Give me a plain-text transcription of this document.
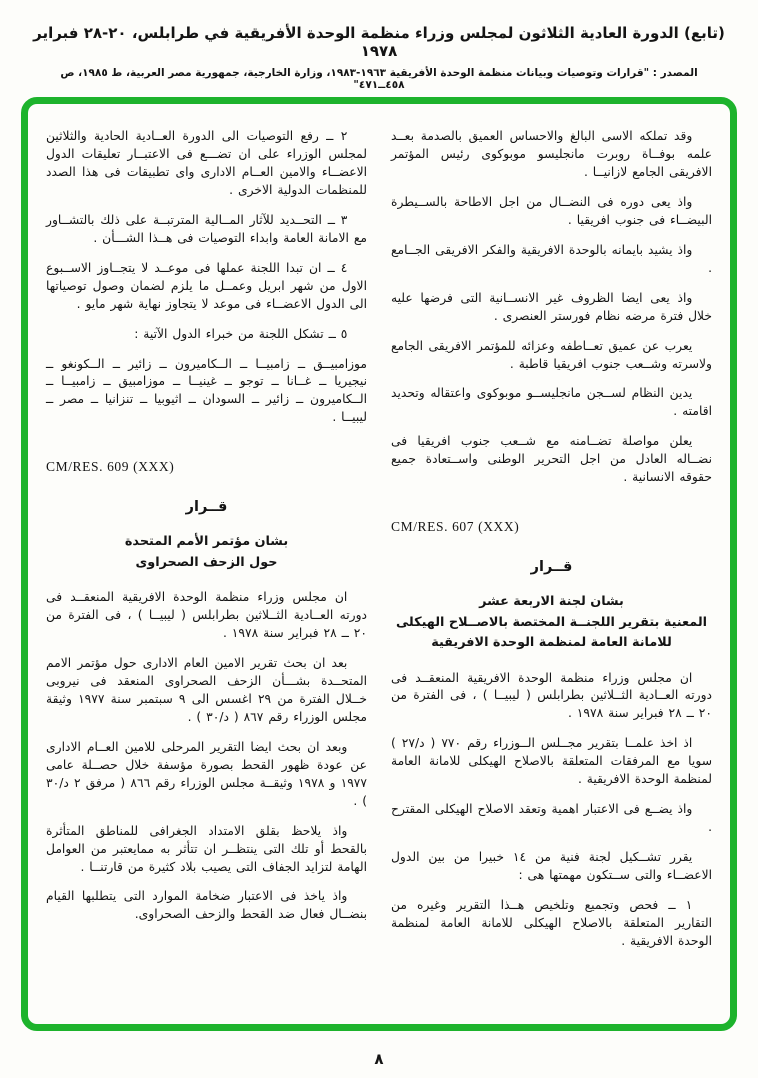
(تابع) الدورة العادية الثلاثون لمجلس وزراء منظمة الوحدة الأفريقية في طرابلس، ٢٠-٢٨ فبراير ١٩٧٨
المصدر : "قرارات وتوصيات وبيانات منظمة الوحدة الأفريقية ١٩٦٣-١٩٨٣، وزارة الخارجية، جمهورية مصر العربية، ط ١٩٨٥، ص ٤٥٨ــ٤٧١"

وقد تملكه الاسى البالغ والاحساس العميق بالصدمة بعــد علمه بوفــاة روبرت مانجليسو موبوكوى رئيس المؤتمر الافريقى الجامع لازانيــا .

واذ يعى دوره فى النضــال من اجل الاطاحة بالســيطرة البيضــاء فى جنوب افريقيا .

واذ يشيد بايمانه بالوحدة الافريقية والفكر الافريقى الجــامع .

واذ يعى ايضا الظروف غير الانســانية التى فرضها عليه خلال فترة مرضه نظام فورستر العنصرى .

يعرب عن عميق تعــاطفه وعزائه للمؤتمر الافريقى الجامع ولاسرته وشــعب جنوب افريقيا قاطبة .

يدين النظام لســجن مانجليســو موبوكوى واعتقاله وتحديد اقامته .

يعلن مواصلة تضــامنه مع شــعب جنوب افريقيا فى نضــاله العادل من اجل التحرير الوطنى واســتعادة جميع حقوقه الانسانية .

CM/RES. 607 (XXX)
قــرار
بشان لجنة الاربعة عشر
المعنية بتقرير اللجنــة المختصة بالاصــلاح الهيكلى
للامانة العامة لمنظمة الوحدة الافريقية

ان مجلس وزراء منظمة الوحدة الافريقية المنعقــد فى دورته العــادية الثــلاثين بطرابلس ( ليبيــا ) ، فى الفترة من ٢٠ ــ ٢٨ فبراير سنة ١٩٧٨ .

اذ اخذ علمــا بتقرير مجــلس الــوزراء رقم ٧٧٠ ( د/٢٧ ) سويا مع المرفقات المتعلقة بالاصلاح الهيكلى للامانة العامة لمنظمة الوحدة الافريقية .

واذ يضــع فى الاعتبار اهمية وتعقد الاصلاح الهيكلى المقترح .

يقرر تشــكيل لجنة فنية من ١٤ خبيرا من بين الدول الاعضــاء والتى ســتكون مهمتها هى :

١ ــ فحص وتجميع وتلخيص هــذا التقرير وغيره من التقارير المتعلقة بالاصلاح الهيكلى للامانة العامة لمنظمة الوحدة الافريقية .

٢ ــ رفع التوصيات الى الدورة العــادية الحادية والثلاثين لمجلس الوزراء على ان تضـــع فى الاعتبــار تعليقات الدول الاعضــاء والامين العــام الادارى واى تطبيقات فى هذا الصدد للمنظمات الدولية الاخرى .

٣ ــ التحــديد للآثار المــالية المترتبــة على ذلك بالتشــاور مع الامانة العامة وابداء التوصيات فى هــذا الشـــأن .

٤ ــ ان تبدا اللجنة عملها فى موعــد لا يتجــاوز الاســبوع الاول من شهر ابريل وعمــل ما يلزم لضمان وصول توصياتها الى الدول الاعضــاء فى موعد لا يتجاوز نهاية شهر مايو .

٥ ــ تشكل اللجنة من خبراء الدول الآتية :

موزامبيــق ــ زامبيــا ــ الــكاميرون ــ زائير ــ الــكونغو ــ نيجيريا ــ غــانا ــ توجو ــ غينيــا ــ موزامبيق ــ زامبيــا ــ الــكاميرون ــ زائير ــ السودان ــ اثيوبيا ــ تنزانيا ــ مصر ــ ليبيــا .

CM/RES. 609 (XXX)
قــرار
بشان مؤتمر الأمم المتحدة
حول الزحف الصحراوى

ان مجلس وزراء منظمة الوحدة الافريقية المنعقــد فى دورته العــادية الثــلاثين بطرابلس ( ليبيــا ) ، فى الفترة من ٢٠ ــ ٢٨ فبراير سنة ١٩٧٨ .

بعد ان بحث تقرير الامين العام الادارى حول مؤتمر الامم المتحــدة بشـــأن الزحف الصحراوى المنعقد فى نيروبى خــلال الفترة من ٢٩ اغسس الى ٩ سبتمبر سنة ١٩٧٧ وثيقة مجلس الوزراء رقم ٨٦٧ ( د/٣٠ ) .

وبعد ان بحث ايضا التقرير المرحلى للامين العــام الادارى عن عودة ظهور القحط بصورة مؤسفة خلال حصــلة عامى ١٩٧٧ و ١٩٧٨ وثيقــة مجلس الوزراء رقم ٨٦٦ ( مرفق ٢ د/٣٠ ) .

واذ يلاحظ بقلق الامتداد الجغرافى للمناطق المتأثرة بالقحط أو تلك التى ينتظــر ان تتأثر به ممايعتبر من العوامل الهامة لتزايد الجفاف التى يصيب بلاد كثيرة من قارتنــا .

واذ ياخذ فى الاعتبار ضخامة الموارد التى يتطلبها القيام بنضــال فعال ضد القحط والزحف الصحراوى.

٨
